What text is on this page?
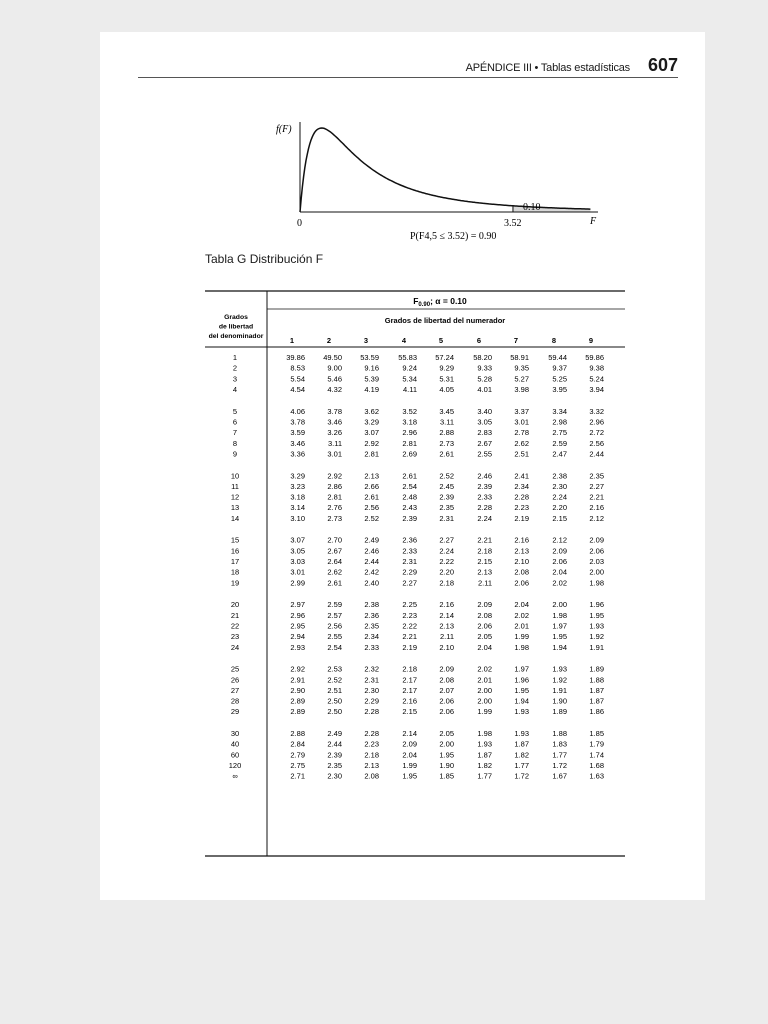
APÉNDICE III • Tablas estadísticas 607
f(F)
0	3.52	F
0.10
P(F4,5 ≤ 3.52) = 0.90
Tabla G Distribución F
$F_{0.90}$; α = 0.10
Grados
de libertad
del denominador
Grados de libertad del numerador
1	2	3	4	5	6	7	8	9
1	39.86 49.50 53.59	55.83 57.24	58.20 58.91	59.44 59.86
2	8.53	9.00	9.16	9.24	9.29	9.33	9.35	9.37	9.38
3	5.54	5.46	5.39	5.34	5.31	5.28	5.27	5.25	5.24
4	4.54	4.32	4.19	4.11	4.05	4.01	3.98	3.95	3.94
5	4.06	3.78	3.62	3.52	3.45	3.40	3.37	3.34	3.32
6	3.78	3.46	3.29	3.18	3.11	3.05	3.01	2.98	2.96
7	3.59	3.26	3.07	2.96	2.88	2.83	2.78	2.75	2.72
8	3.46	3.11	2.92	2.81	2.73	2.67	2.62	2.59	2.56
9	3.36	3.01	2.81	2.69	2.61	2.55	2.51	2.47	2.44
10	3.29	2.92	2.13	2.61	2.52	2.46	2.41	2.38	2.35
11	3.23	2.86	2.66	2.54	2.45	2.39	2.34	2.30	2.27
12	3.18	2.81	2.61	2.48	2.39	2.33	2.28	2.24	2.21
13	3.14	2.76	2.56	2.43	2.35	2.28	2.23	2.20	2.16
14	3.10	2.73	2.52	2.39	2.31	2.24	2.19	2.15	2.12
15	3.07	2.70	2.49	2.36	2.27	2.21	2.16	2.12	2.09
16	3.05	2.67	2.46	2.33	2.24	2.18	2.13	2.09	2.06
17	3.03	2.64	2.44	2.31	2.22	2.15	2.10	2.06	2.03
18	3.01	2.62	2.42	2.29	2.20	2.13	2.08	2.04	2.00
19	2.99	2.61	2.40	2.27	2.18	2.11	2.06	2.02	1.98
20	2.97	2.59	2.38	2.25	2.16	2.09	2.04	2.00	1.96
21	2.96	2.57	2.36	2.23	2.14	2.08	2.02	1.98	1.95
22	2.95	2.56	2.35	2.22	2.13	2.06	2.01	1.97	1.93
23	2.94	2.55	2.34	2.21	2.11	2.05	1.99	1.95	1.92
24	2.93	2.54	2.33	2.19	2.10	2.04	1.98	1.94	1.91
25	2.92	2.53	2.32	2.18	2.09	2.02	1.97	1.93	1.89
26	2.91	2.52	2.31	2.17	2.08	2.01	1.96	1.92	1.88
27	2.90	2.51	2.30	2.17	2.07	2.00	1.95	1.91	1.87
28	2.89	2.50	2.29	2.16	2.06	2.00	1.94	1.90	1.87
29	2.89	2.50	2.28	2.15	2.06	1.99	1.93	1.89	1.86
30	2.88	2.49	2.28	2.14	2.05	1.98	1.93	1.88	1.85
40	2.84	2.44	2.23	2.09	2.00	1.93	1.87	1.83	1.79
60	2.79	2.39	2.18	2.04	1.95	1.87	1.82	1.77	1.74
120	2.75	2.35	2.13	1.99	1.90	1.82	1.77	1.72	1.68
∞	2.71	2.30	2.08	1.95	1.85	1.77	1.72	1.67	1.63
